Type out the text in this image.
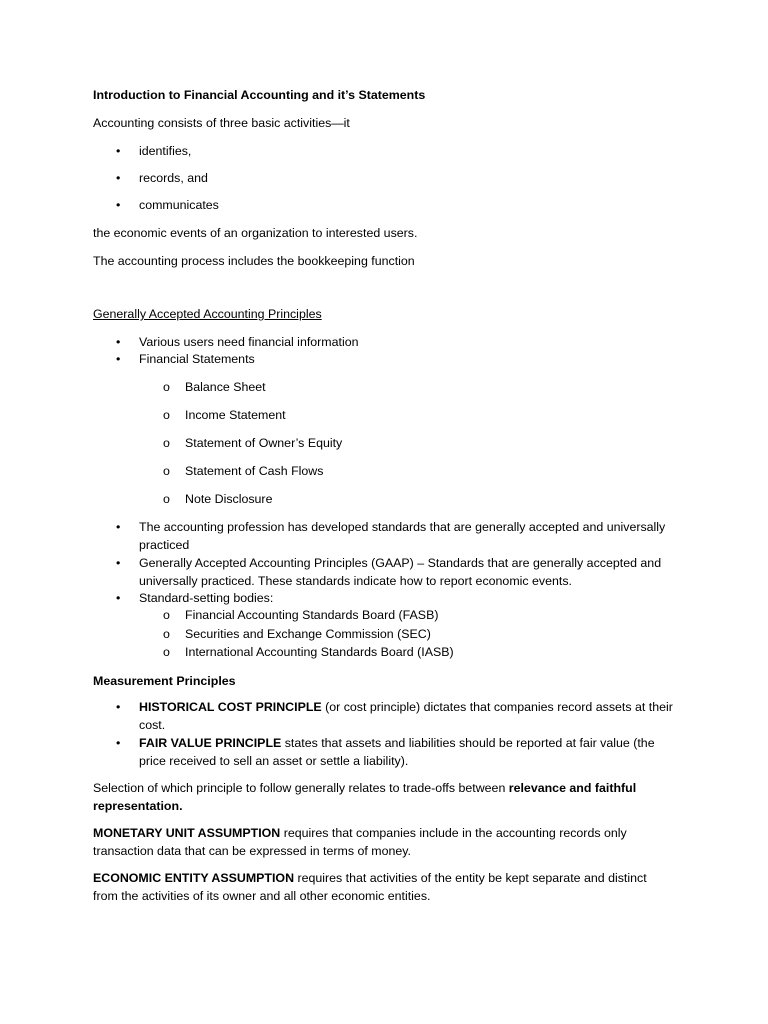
Introduction to Financial Accounting and it’s Statements
Accounting consists of three basic activities—it
• identifies,
• records, and
• communicates
the economic events of an organization to interested users.
The accounting process includes the bookkeeping function
Generally Accepted Accounting Principles
• Various users need financial information
• Financial Statements
o Balance Sheet
o Income Statement
o Statement of Owner’s Equity
o Statement of Cash Flows
o Note Disclosure
• The accounting profession has developed standards that are generally accepted and universally practiced
• Generally Accepted Accounting Principles (GAAP) – Standards that are generally accepted and universally practiced. These standards indicate how to report economic events.
• Standard-setting bodies:
o Financial Accounting Standards Board (FASB)
o Securities and Exchange Commission (SEC)
o International Accounting Standards Board (IASB)
Measurement Principles
• HISTORICAL COST PRINCIPLE (or cost principle) dictates that companies record assets at their cost.
• FAIR VALUE PRINCIPLE states that assets and liabilities should be reported at fair value (the price received to sell an asset or settle a liability).
Selection of which principle to follow generally relates to trade-offs between relevance and faithful representation.
MONETARY UNIT ASSUMPTION requires that companies include in the accounting records only transaction data that can be expressed in terms of money.
ECONOMIC ENTITY ASSUMPTION requires that activities of the entity be kept separate and distinct from the activities of its owner and all other economic entities.
